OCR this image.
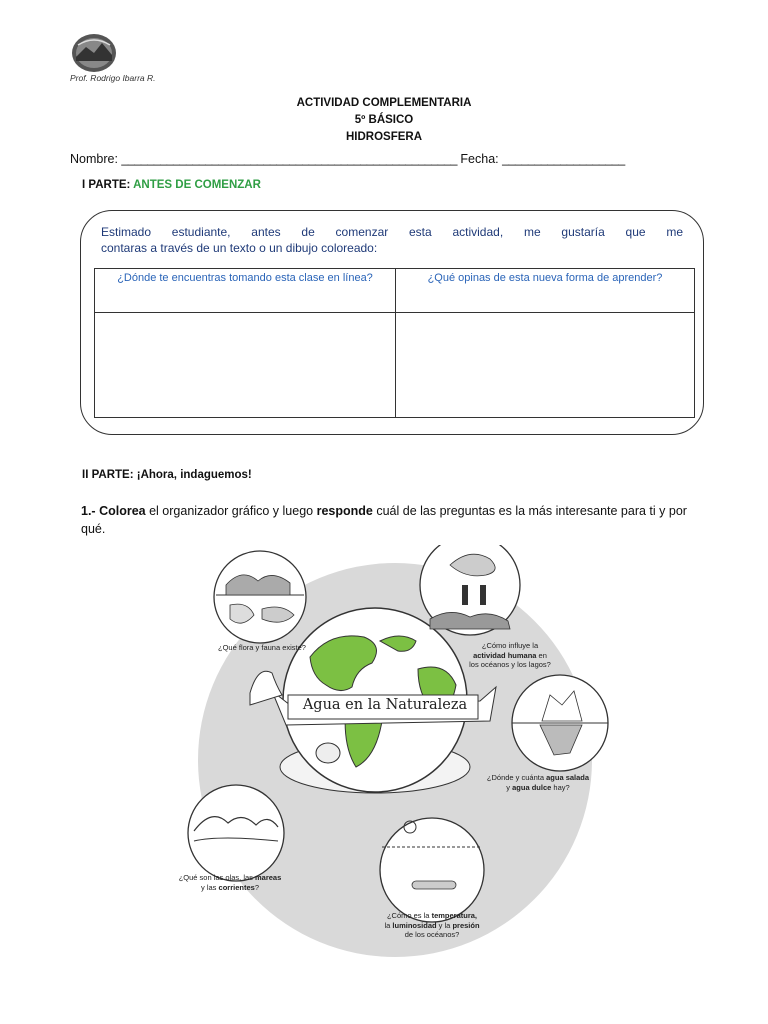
Prof. Rodrigo Ibarra R.
ACTIVIDAD COMPLEMENTARIA
5º BÁSICO
HIDROSFERA
Nombre: ____________________________________________________ Fecha: ___________________
I PARTE: ANTES DE COMENZAR
Estimado estudiante, antes de comenzar esta actividad, me gustaría que me
contaras a través de un texto o un dibujo coloreado:
¿Dónde te encuentras tomando esta clase en línea?	¿Qué opinas de esta nueva forma de aprender?
II PARTE: ¡Ahora, indaguemos!
1.- Colorea el organizador gráfico y luego responde cuál de las preguntas es la más interesante para ti y por qué.
Agua en la Naturaleza
¿Qué flora y fauna existe?	¿Cómo influye la
actividad humana en
los océanos y los lagos?
¿Dónde y cuánta agua salada
y agua dulce hay?
¿Qué son las olas, las mareas
y las corrientes?
¿Cómo es la temperatura,
la luminosidad y la presión
de los océanos?
